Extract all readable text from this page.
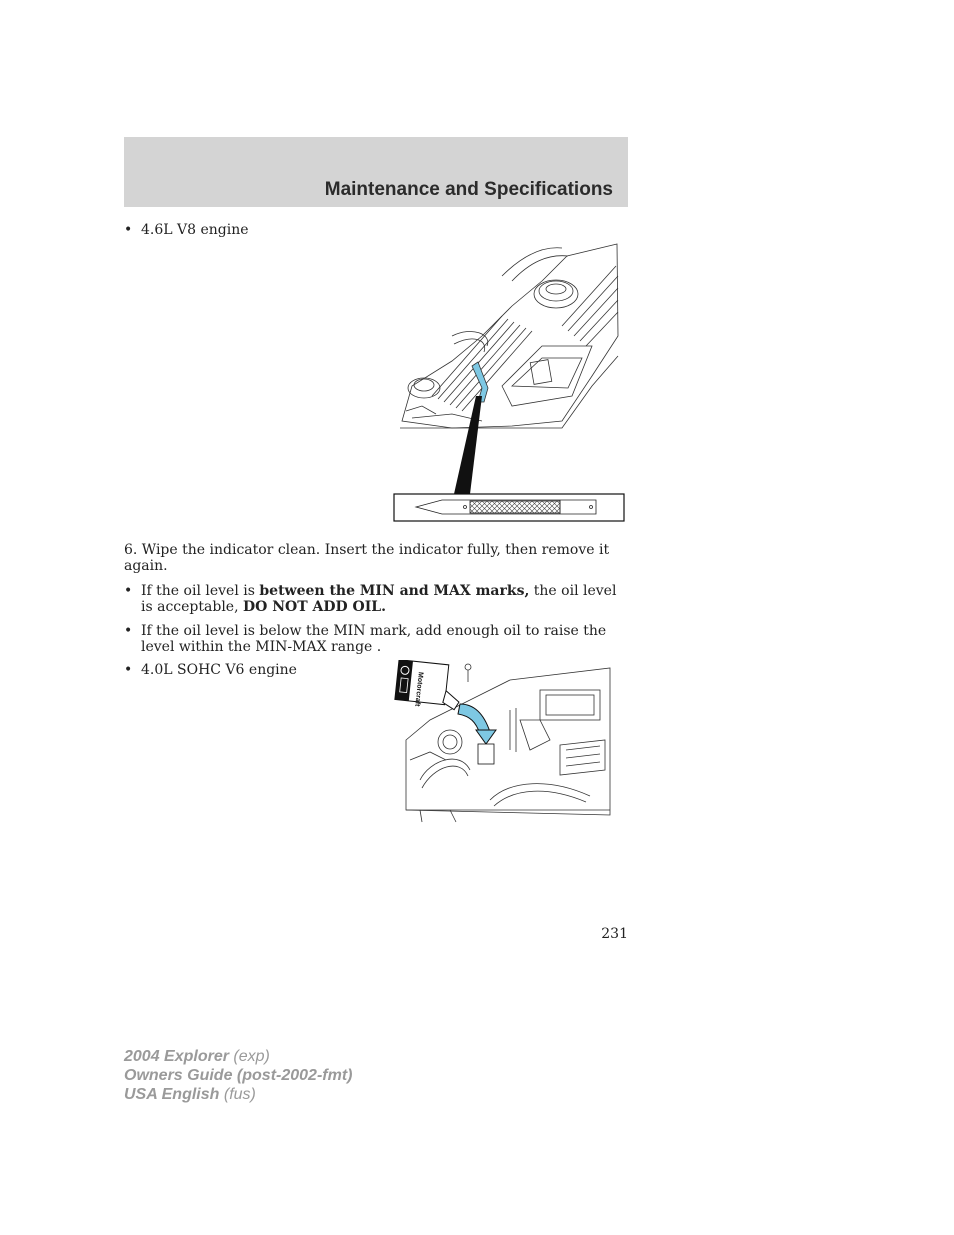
Maintenance and Specifications
• 4.6L V8 engine
6. Wipe the indicator clean. Insert the indicator fully, then remove it again.
• If the oil level is between the MIN and MAX marks, the oil level is acceptable, DO NOT ADD OIL.
• If the oil level is below the MIN mark, add enough oil to raise the level within the MIN-MAX range .
• 4.0L SOHC V6 engine
Motorcraft
231
2004 Explorer (exp)
Owners Guide (post-2002-fmt)
USA English (fus)
